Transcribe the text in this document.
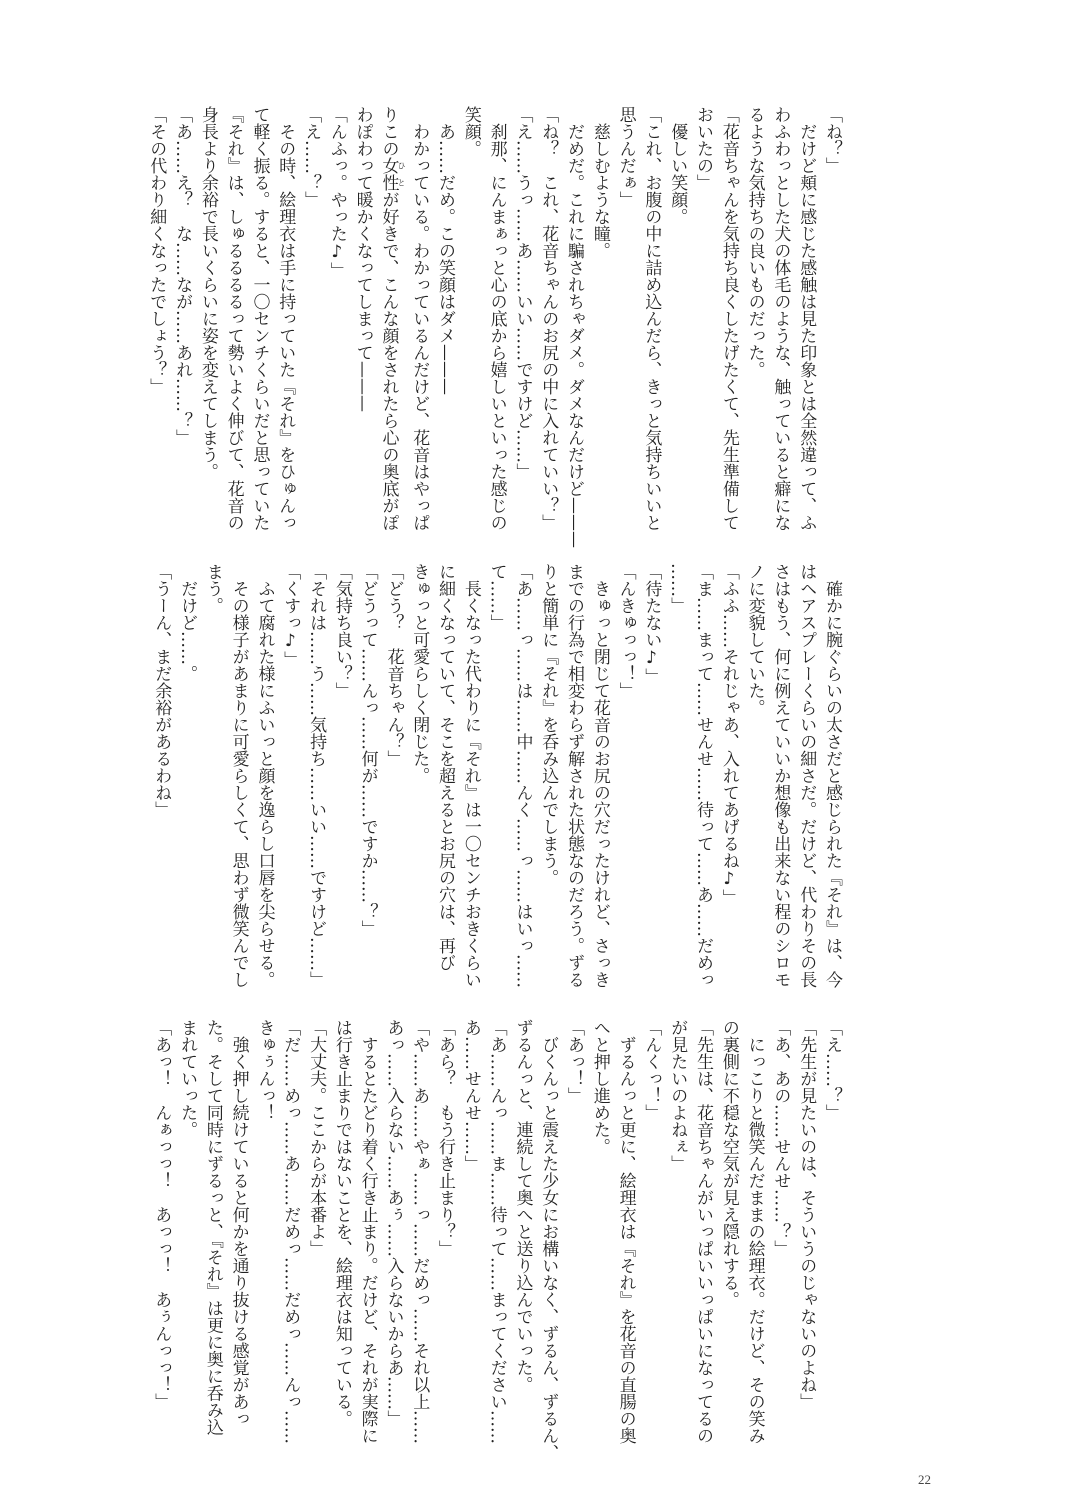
「ね？」
　だけど頬に感じた感触は見た印象とは全然違って、ふ
わふわっとした犬の体毛のような、触っていると癖にな
るような気持ちの良いものだった。
「花音ちゃんを気持ち良くしたげたくて、先生準備して
おいたの」
　優しい笑顔。
「これ、お腹の中に詰め込んだら、きっと気持ちいいと
思うんだぁ」
　慈しむような瞳。
　だめだ。これに騙されちゃダメ。ダメなんだけど———
「ね？　これ、花音ちゃんのお尻の中に入れていい？」
「え……うっ……あ……いい……ですけど……」
　刹那、にんまぁっと心の底から嬉しいといった感じの
笑顔。
　あ……だめ。この笑顔はダメ———
　わかっている。わかっているんだけど、花音はやっぱ
りこの女性ひとが好きで、こんな顔をされたら心の奥底がぽ
わぽわって暖かくなってしまって———
「んふっ。やった♪」
「え……？」
　その時、絵理衣は手に持っていた『それ』をひゅんっ
て軽く振る。すると、一〇センチくらいだと思っていた
『それ』は、しゅるるるるって勢いよく伸びて、花音の
身長より余裕で長いくらいに姿を変えてしまう。
「あ……え？　な……なが……あれ……？」
「その代わり細くなったでしょう？」
　確かに腕ぐらいの太さだと感じられた『それ』は、今
はヘアスプレーくらいの細さだ。だけど、代わりその長
さはもう、何に例えていいか想像も出来ない程のシロモ
ノに変貌していた。
「ふふ……それじゃあ、入れてあげるね♪」
「ま……まって……せんせ……待って……あ……だめっ
……」
「待たない♪」
「んきゅっっ！」
　きゅっと閉じて花音のお尻の穴だったけれど、さっき
までの行為で相変わらず解された状態なのだろう。ずる
りと簡単に『それ』を呑み込んでしまう。
「あ……っ……は……中……んく……っ……はいっ……
て……」
　長くなった代わりに『それ』は一〇センチおきくらい
に細くなっていて、そこを超えるとお尻の穴は、再び
きゅっと可愛らしく閉じた。
「どう？　花音ちゃん？」
「どうって……んっ……何が……ですか……？」
「気持ち良い？」
「それは……う……気持ち……いい……ですけど……」
「くすっ♪」
　ふて腐れた様にふいっと顔を逸らし口唇を尖らせる。
　その様子があまりに可愛らしくて、思わず微笑んでし
まう。
　だけど……。
「うーん、まだ余裕があるわね」
「え……？」
「先生が見たいのは、そういうのじゃないのよね」
「あ、あの……せんせ……？」
　にっこりと微笑んだままの絵理衣。だけど、その笑み
の裏側に不穏な空気が見え隠れする。
「先生は、花音ちゃんがいっぱいいっぱいになってるの
が見たいのよねぇ」
「んくっ！」
　ずるんっと更に、絵理衣は『それ』を花音の直腸の奥
へと押し進めた。
「あっ！」
　びくんっと震えた少女にお構いなく、ずるん、ずるん、
ずるんっと、連続して奥へと送り込んでいった。
「あ……んっ……ま……待って……まってください……
あ……せんせ……」
「あら？　もう行き止まり？」
「や……あ……やぁ……っ……だめっ……それ以上……
あっ……入らない……あぅ……入らないからあ……」
　するとたどり着く行き止まり。だけど、それが実際に
は行き止まりではないことを、絵理衣は知っている。
「大丈夫。ここからが本番よ」
「だ……めっ……あ……だめっ……だめっ……んっ……
きゅぅんっ！
　強く押し続けていると何かを通り抜ける感覚があっ
た。そして同時にずるっと、『それ』は更に奥に呑み込
まれていった。
「あっ！　んぁっっ！　あっっ！　あぅんっっ！」
22
